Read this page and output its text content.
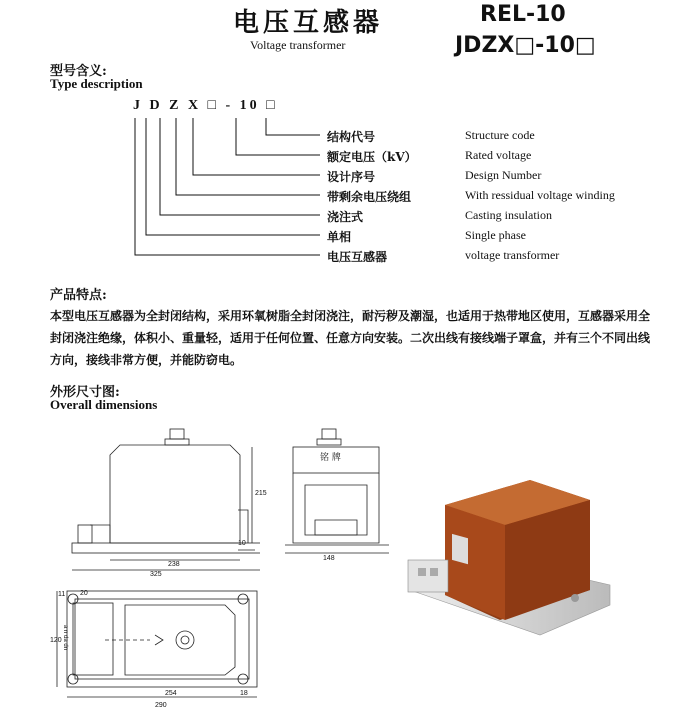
电压互感器
Voltage transformer
REL-10
JDZX□-10□
型号含义:
Type description
J D Z X □ - 10 □
结构代号
额定电压（kV）
设计序号
带剩余电压绕组
浇注式
单相
电压互感器
Structure code
Rated voltage
Design Number
With ressidual voltage winding
Casting insulation
Single phase
voltage transformer
产品特点:
本型电压互感器为全封闭结构，采用环氧树脂全封闭浇注，耐污秽及潮湿，也适用于热带地区使用，互感器采用全封闭浇注绝缘，体积小、重量轻，适用于任何位置、任意方向安装。二次出线有接线端子罩盒，并有三个不同出线方向，接线非常方便，并能防窃电。
外形尺寸图:
Overall dimensions
238
325
215
10
铭 牌
148
11 20
120
254
290
18
a n da dn
